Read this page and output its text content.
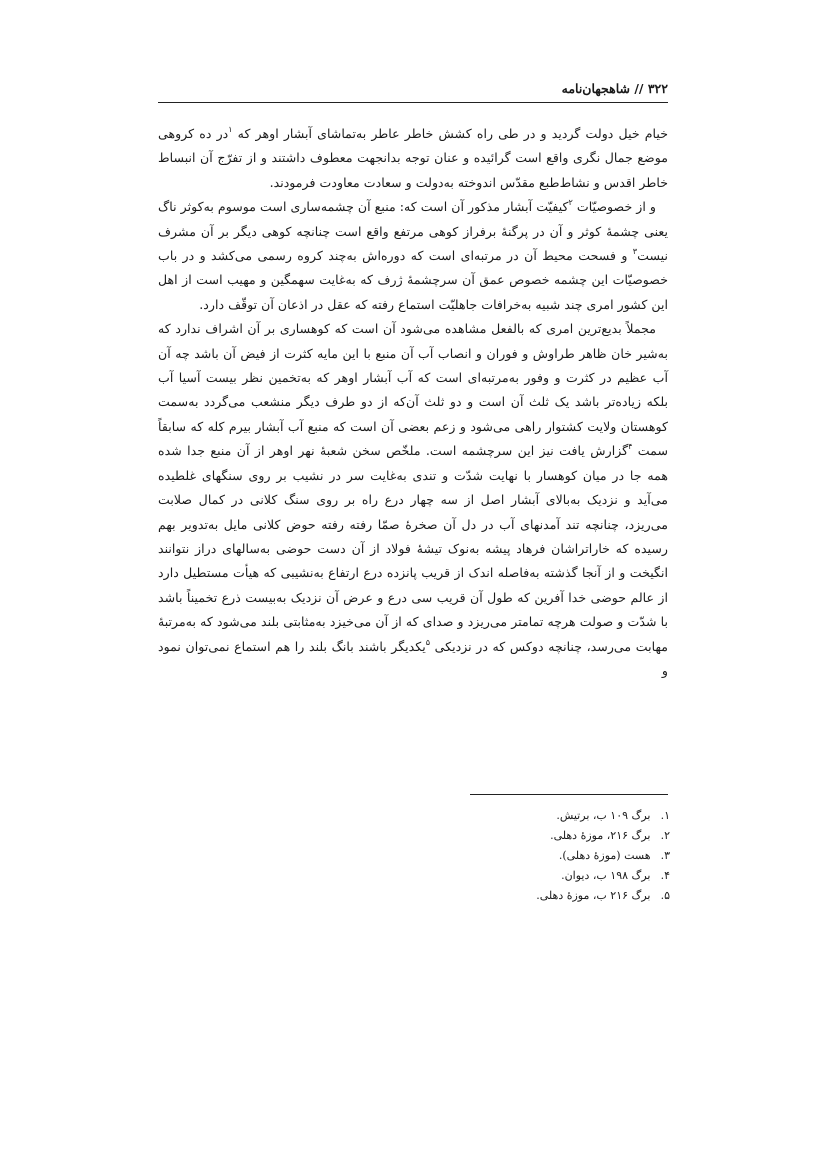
۳۲۲ // شاهجهان‌نامه

خیام خیل دولت گردید و در طی راه کشش خاطر عاطر به‌تماشای آبشار اوهر که $^۱$در ده کروهی موضع جمال نگری واقع است گرائیده و عنان توجه بدانجهت معطوف داشتند و از تفرّج آن انبساط خاطر اقدس و نشاط‌طبع مقدّس اندوخته به‌دولت و سعادت معاودت فرمودند.

و از خصوصیّات $^۲$کیفیّت آبشار مذکور آن است که: منبع آن چشمه‌ساری است موسوم به‌کوثر ناگ یعنی چشمهٔ کوثر و آن در پرگنهٔ برفراز کوهی مرتفع واقع است چنانچه کوهی دیگر بر آن مشرف نیست$^۳$ و فسحت محیط آن در مرتبه‌ای است که دوره‌اش به‌چند کروه رسمی می‌کشد و در باب خصوصیّات این چشمه خصوص عمق آن سرچشمهٔ ژرف که به‌غایت سهمگین و مهیب است از اهل این کشور امری چند شبیه به‌خرافات جاهلیّت استماع رفته که عقل در اذعان آن توقّف دارد.

مجملاً بدیع‌ترین امری که بالفعل مشاهده می‌شود آن است که کوهساری بر آن اشراف ندارد که به‌شیر خان ظاهر طراوش و فوران و انصاب آب آن منبع با این مایه کثرت از فیض آن باشد چه آن آب عظیم در کثرت و وفور به‌مرتبه‌ای است که آب آبشار اوهر که به‌تخمین نظر بیست آسیا آب بلکه زیاده‌تر باشد یک ثلث آن است و دو ثلث آن‌که از دو طرف دیگر منشعب می‌گردد به‌سمت کوهستان ولایت کشتوار راهی می‌شود و زعم بعضی آن است که منبع آب آبشار بیرم کله که سابقاً سمت $^۴$گزارش یافت نیز این سرچشمه است. ملخّص سخن شعبهٔ نهر اوهر از آن منبع جدا شده همه جا در میان کوهسار با نهایت شدّت و تندی به‌غایت سر در نشیب بر روی سنگهای غلطیده می‌آید و نزدیک به‌بالای آبشار اصل از سه چهار درع راه بر روی سنگ کلانی در کمال صلابت می‌ریزد، چنانچه تند آمدنهای آب در دل آن صخرهٔ صمّا رفته رفته حوض کلانی مایل به‌تدویر بهم رسیده که خاراتراشان فرهاد پیشه به‌نوک تیشهٔ فولاد از آن دست حوضی به‌سالهای دراز نتوانند انگیخت و از آنجا گذشته به‌فاصله اندک از قریب پانزده درع ارتفاع به‌نشیبی که هیأت مستطیل دارد از عالم حوضی خدا آفرین که طول آن قریب سی درع و عرض آن نزدیک به‌بیست ذرع تخمیناً باشد با شدّت و صولت هرچه تمامتر می‌ریزد و صدای که از آن می‌خیزد به‌مثابتی بلند می‌شود که به‌مرتبهٔ مهابت می‌رسد، چنانچه دوکس که در نزدیکی $^۵$یکدیگر باشند بانگ بلند را هم استماع نمی‌توان نمود و

۱. برگ ۱۰۹ ب، برتیش.
۲. برگ ۲۱۶، موزهٔ دهلی.
۳. هست (موزهٔ دهلی).
۴. برگ ۱۹۸ ب، دیوان.
۵. برگ ۲۱۶ ب، موزهٔ دهلی.
